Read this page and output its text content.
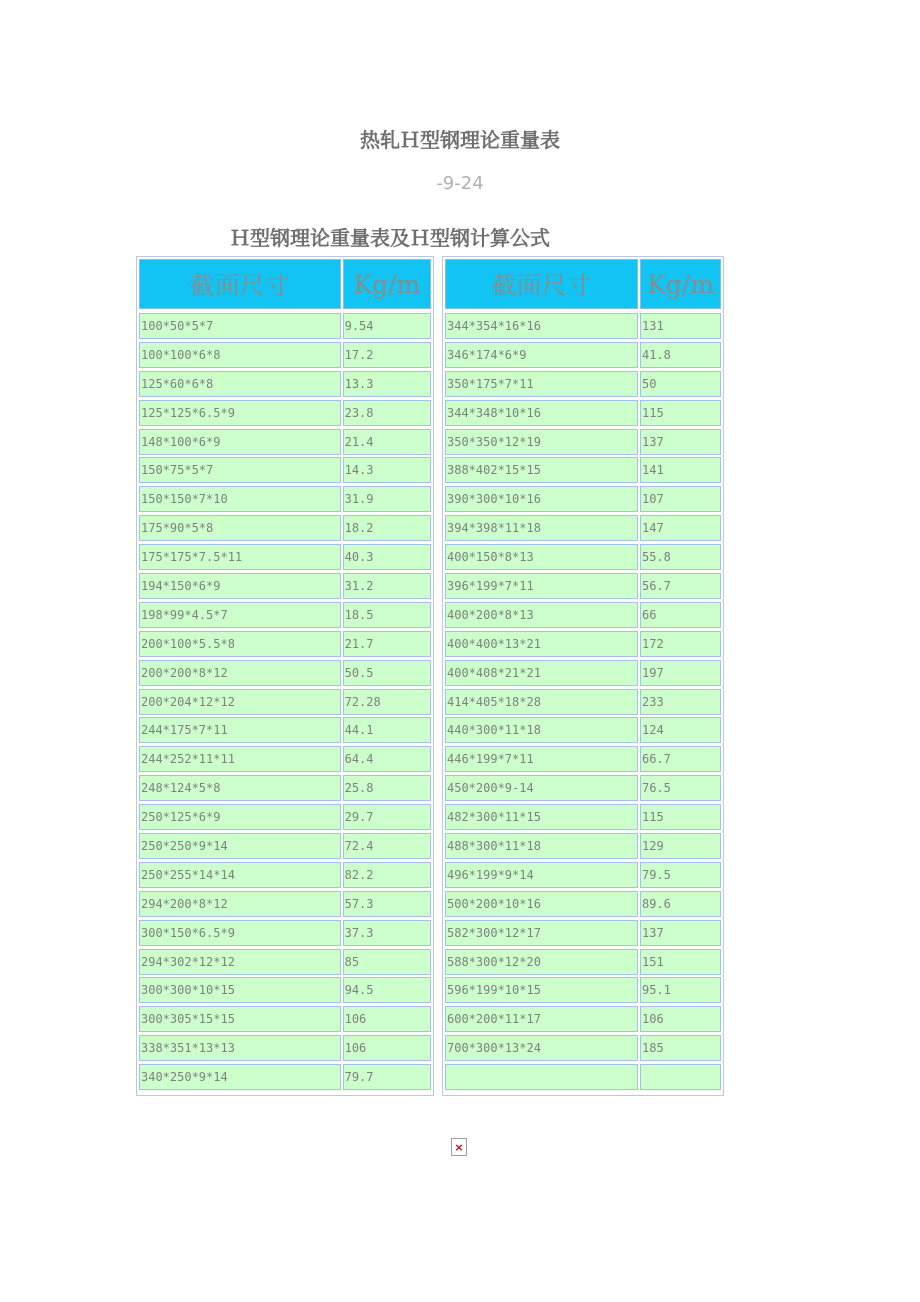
热轧Ｈ型钢理论重量表
-9-24
Ｈ型钢理论重量表及Ｈ型钢计算公式
截面尺寸	Kg/m
100*50*5*7	9.54
100*100*6*8	17.2
125*60*6*8	13.3
125*125*6.5*9	23.8
148*100*6*9	21.4
150*75*5*7	14.3
150*150*7*10	31.9
175*90*5*8	18.2
175*175*7.5*11	40.3
194*150*6*9	31.2
198*99*4.5*7	18.5
200*100*5.5*8	21.7
200*200*8*12	50.5
200*204*12*12	72.28
244*175*7*11	44.1
244*252*11*11	64.4
248*124*5*8	25.8
250*125*6*9	29.7
250*250*9*14	72.4
250*255*14*14	82.2
294*200*8*12	57.3
300*150*6.5*9	37.3
294*302*12*12	85
300*300*10*15	94.5
300*305*15*15	106
338*351*13*13	106
340*250*9*14	79.7
截面尺寸	Kg/m
344*354*16*16	131
346*174*6*9	41.8
350*175*7*11	50
344*348*10*16	115
350*350*12*19	137
388*402*15*15	141
390*300*10*16	107
394*398*11*18	147
400*150*8*13	55.8
396*199*7*11	56.7
400*200*8*13	66
400*400*13*21	172
400*408*21*21	197
414*405*18*28	233
440*300*11*18	124
446*199*7*11	66.7
450*200*9-14	76.5
482*300*11*15	115
488*300*11*18	129
496*199*9*14	79.5
500*200*10*16	89.6
582*300*12*17	137
588*300*12*20	151
596*199*10*15	95.1
600*200*11*17	106
700*300*13*24	185
×
